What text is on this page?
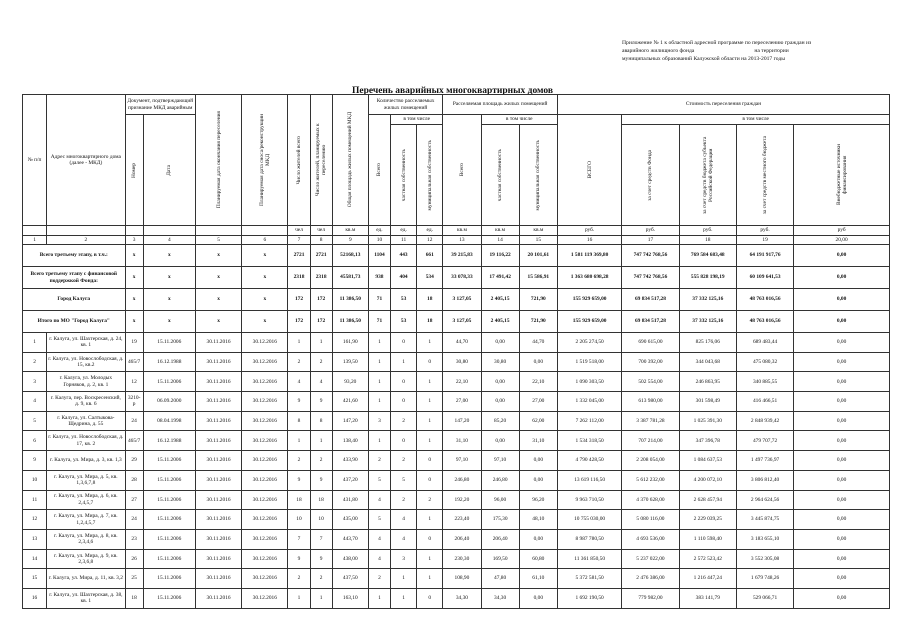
Приложение № 1 к областной адресной программе по переселению граждан из
аварийного жилищного фонда                                           на территории
муниципальных образований Калужской области на 2013-2017 годы
Перечень аварийных многоквартирных домов
№ п/п	Адрес многоквартирного дома (далее - МКД)	Документ, подтверждающий признание МКД аварийным		Планируемая дата окончания переселения	Планируемая дата сноса/реконструкции МКД	Число жителей всего	Число жителей, планируемых к переселению	Общая площадь жилых помещений МКД	Количество расселяемых жилых помещений			Расселяемая площадь жилых помещений			Стоимость переселения граждан				

		Номер	Дата						Всего	в том числе		Всего	в том числе		ВСЕГО	в том числе			

										частная собственность	муниципальная собственность		частная собственность	муниципальная собственность		за счет средств Фонда	за счет средств бюджета субъекта Российской Федерации	за счет средств местного бюджета	Внебюджетные источники финансирования

						чел	чел	кв.м	ед.	ед.	ед.	кв.м	кв.м	кв.м	руб.	руб.	руб.	руб.	руб
1	2	3	4	5	6	7	8	9	10	11	12	13	14	15	16	17	18	19	20,00
Всего третьему этапу, в т.ч.:		x	x	x	x	2721	2721	52168,13	1104	443	661	39 215,83	19 116,22	20 101,61	1 581 119 369,80	747 742 768,56	769 584 683,48	64 191 917,76	0,00
Всего третьему этапу с финансовой поддержкой Фонда:		x	x	x	x	2318	2318	45581,73	938	404	534	33 078,33	17 491,42	15 586,91	1 363 680 698,28	747 742 768,56	555 828 198,19	60 109 641,53	0,00
Город Калуга		x	x	x	x	172	172	11 386,50	71	53	18	3 127,05	2 405,15	721,90	155 929 659,00	69 834 517,28	37 332 125,16	48 763 016,56	0,00
Итого по МО "Город Калуга"		x	x	x	x	172	172	11 386,50	71	53	18	3 127,05	2 405,15	721,90	155 929 659,00	69 834 517,28	37 332 125,16	48 763 016,56	0,00
1	г. Калуга, ул. Шахтерская, д. 24, кв. 1	19	15.11.2006	30.11.2016	30.12.2016	1	1	161,90	1	0	1	44,70	0,00	44,70	2 205 274,50	690 615,00	825 176,06	689 483,44	0,00
2	г. Калуга, ул. Новослободская, д. 15, кв.2	465/7	16.12.1988	30.11.2016	30.12.2016	2	2	139,50	1	1	0	30,80	30,80	0,00	1 519 518,00	700 392,00	344 043,68	475 080,32	0,00
3	г. Калуга, ул. Молодых Горняков, д. 2, кв. 1	12	15.11.2006	30.11.2016	30.12.2016	4	4	93,20	1	0	1	22,10	0,00	22,10	1 090 303,50	502 554,00	246 863,95	340 885,55	0,00
4	г. Калуга, пер. Воскресенский, д. 9, кв. 6	3210-р	06.09.2000	30.11.2016	30.12.2016	9	9	421,60	1	0	1	27,00	0,00	27,00	1 332 045,00	613 980,00	301 598,49	416 466,51	0,00
5	г. Калуга, ул. Салтыкова-Щедрина, д. 55	24	08.04.1998	30.11.2016	30.12.2016	8	8	147,20	3	2	1	147,20	85,20	62,00	7 262 112,00	3 387 781,28	1 025 391,30	2 848 939,42	0,00
6	г. Калуга, ул. Новослободская, д. 17, кв. 2	465/7	16.12.1988	30.11.2016	30.12.2016	1	1	138,40	1	0	1	31,10	0,00	31,10	1 534 318,50	707 214,00	347 396,78	479 707,72	0,00
9	г. Калуга, ул. Мира, д. 3, кв. 1,3	29	15.11.2006	30.11.2016	30.12.2016	2	2	433,90	2	2	0	97,10	97,10	0,00	4 790 428,50	2 208 054,00	1 084 637,53	1 497 736,97	0,00
10	г. Калуга, ул. Мира, д. 5, кв. 1,3,6,7,8	28	15.11.2006	30.11.2016	30.12.2016	9	9	437,20	5	5	0	246,80	246,80	0,00	13 619 116,50	5 612 232,00	4 200 072,10	3 806 812,40	0,00
11	г. Калуга, ул. Мира, д. 6, кв. 2,4,5,7	27	15.11.2006	30.11.2016	30.12.2016	18	18	431,80	4	2	2	192,20	96,00	96,20	9 963 710,50	4 370 628,00	2 628 457,94	2 964 624,56	0,00
12	г. Калуга, ул. Мира, д. 7, кв. 1,2,4,5,7	24	15.11.2006	30.11.2016	30.12.2016	10	10	435,00	5	4	1	223,40	175,30	48,10	10 755 030,00	5 080 116,00	2 229 039,25	3 445 874,75	0,00
13	г. Калуга, ул. Мира, д. 8, кв. 2,3,4,6	23	15.11.2006	30.11.2016	30.12.2016	7	7	443,70	4	4	0	206,40	206,40	0,00	8 987 780,50	4 693 536,00	1 110 598,40	3 183 655,10	0,00
14	г. Калуга, ул. Мира, д. 9, кв. 2,3,6,8	26	15.11.2006	30.11.2016	30.12.2016	9	9	438,00	4	3	1	230,30	169,50	60,80	11 361 850,50	5 237 022,00	2 572 523,42	3 552 305,08	0,00
15	г. Калуга, ул. Мира, д. 11, кв. 3,2	25	15.11.2006	30.11.2016	30.12.2016	2	2	437,50	2	1	1	108,90	47,80	61,10	5 372 581,50	2 476 386,00	1 216 447,24	1 679 748,26	0,00
16	г. Калуга, ул. Шахтерская, д. 38, кв. 1	18	15.11.2006	30.11.2016	30.12.2016	1	1	163,10	1	1	0	34,30	34,30	0,00	1 692 190,50	779 982,00	383 141,79	529 066,71	0,00
